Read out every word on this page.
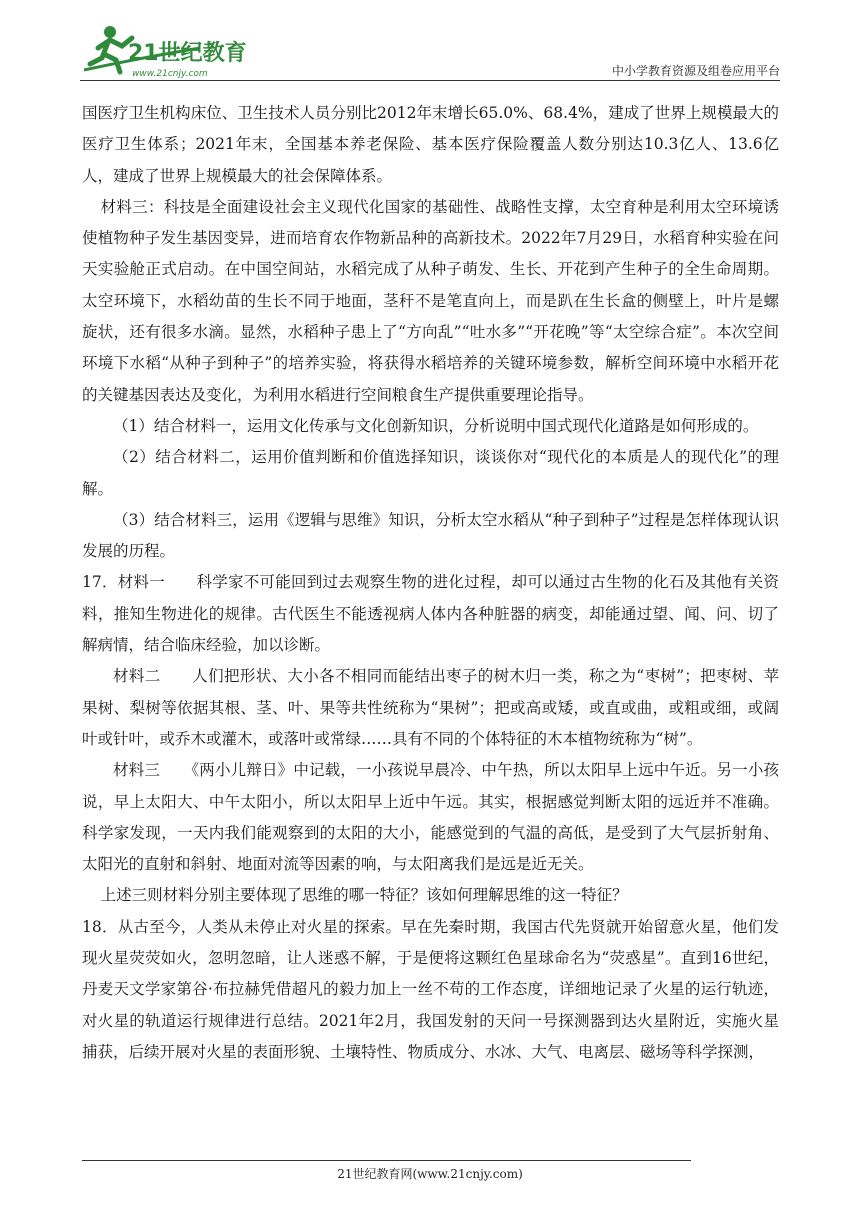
21世纪教育
www.21cnjy.com	中小学教育资源及组卷应用平台

国医疗卫生机构床位、卫生技术人员分别比2012年末增长65.0%、68.4%，建成了世界上规模最大的医疗卫生体系；2021年末，全国基本养老保险、基本医疗保险覆盖人数分别达10.3亿人、13.6亿人，建成了世界上规模最大的社会保障体系。

材料三：科技是全面建设社会主义现代化国家的基础性、战略性支撑，太空育种是利用太空环境诱使植物种子发生基因变异，进而培育农作物新品种的高新技术。2022年7月29日，水稻育种实验在问天实验舱正式启动。在中国空间站，水稻完成了从种子萌发、生长、开花到产生种子的全生命周期。太空环境下，水稻幼苗的生长不同于地面，茎秆不是笔直向上，而是趴在生长盒的侧壁上，叶片是螺旋状，还有很多水滴。显然，水稻种子患上了“方向乱”“吐水多”“开花晚”等“太空综合症”。本次空间环境下水稻“从种子到种子”的培养实验，将获得水稻培养的关键环境参数，解析空间环境中水稻开花的关键基因表达及变化，为利用水稻进行空间粮食生产提供重要理论指导。

（1）结合材料一，运用文化传承与文化创新知识，分析说明中国式现代化道路是如何形成的。

（2）结合材料二，运用价值判断和价值选择知识，谈谈你对“现代化的本质是人的现代化”的理解。

（3）结合材料三，运用《逻辑与思维》知识，分析太空水稻从“种子到种子”过程是怎样体现认识发展的历程。

17．材料一　　科学家不可能回到过去观察生物的进化过程，却可以通过古生物的化石及其他有关资料，推知生物进化的规律。古代医生不能透视病人体内各种脏器的病变，却能通过望、闻、问、切了解病情，结合临床经验，加以诊断。

材料二　　人们把形状、大小各不相同而能结出枣子的树木归一类，称之为“枣树”；把枣树、苹果树、梨树等依据其根、茎、叶、果等共性统称为“果树”；把或高或矮，或直或曲，或粗或细，或阔叶或针叶，或乔木或灌木，或落叶或常绿……具有不同的个体特征的木本植物统称为“树”。

材料三　　《两小儿辩日》中记载，一小孩说早晨冷、中午热，所以太阳早上远中午近。另一小孩说，早上太阳大、中午太阳小，所以太阳早上近中午远。其实，根据感觉判断太阳的远近并不准确。科学家发现，一天内我们能观察到的太阳的大小，能感觉到的气温的高低，是受到了大气层折射角、太阳光的直射和斜射、地面对流等因素的响，与太阳离我们是远是近无关。

上述三则材料分别主要体现了思维的哪一特征？该如何理解思维的这一特征？

18．从古至今，人类从未停止对火星的探索。早在先秦时期，我国古代先贤就开始留意火星，他们发现火星荧荧如火，忽明忽暗，让人迷惑不解，于是便将这颗红色星球命名为“荧惑星”。直到16世纪，丹麦天文学家第谷·布拉赫凭借超凡的毅力加上一丝不苟的工作态度，详细地记录了火星的运行轨迹，对火星的轨道运行规律进行总结。2021年2月，我国发射的天问一号探测器到达火星附近，实施火星捕获，后续开展对火星的表面形貌、土壤特性、物质成分、水冰、大气、电离层、磁场等科学探测，

21世纪教育网(www.21cnjy.com)
